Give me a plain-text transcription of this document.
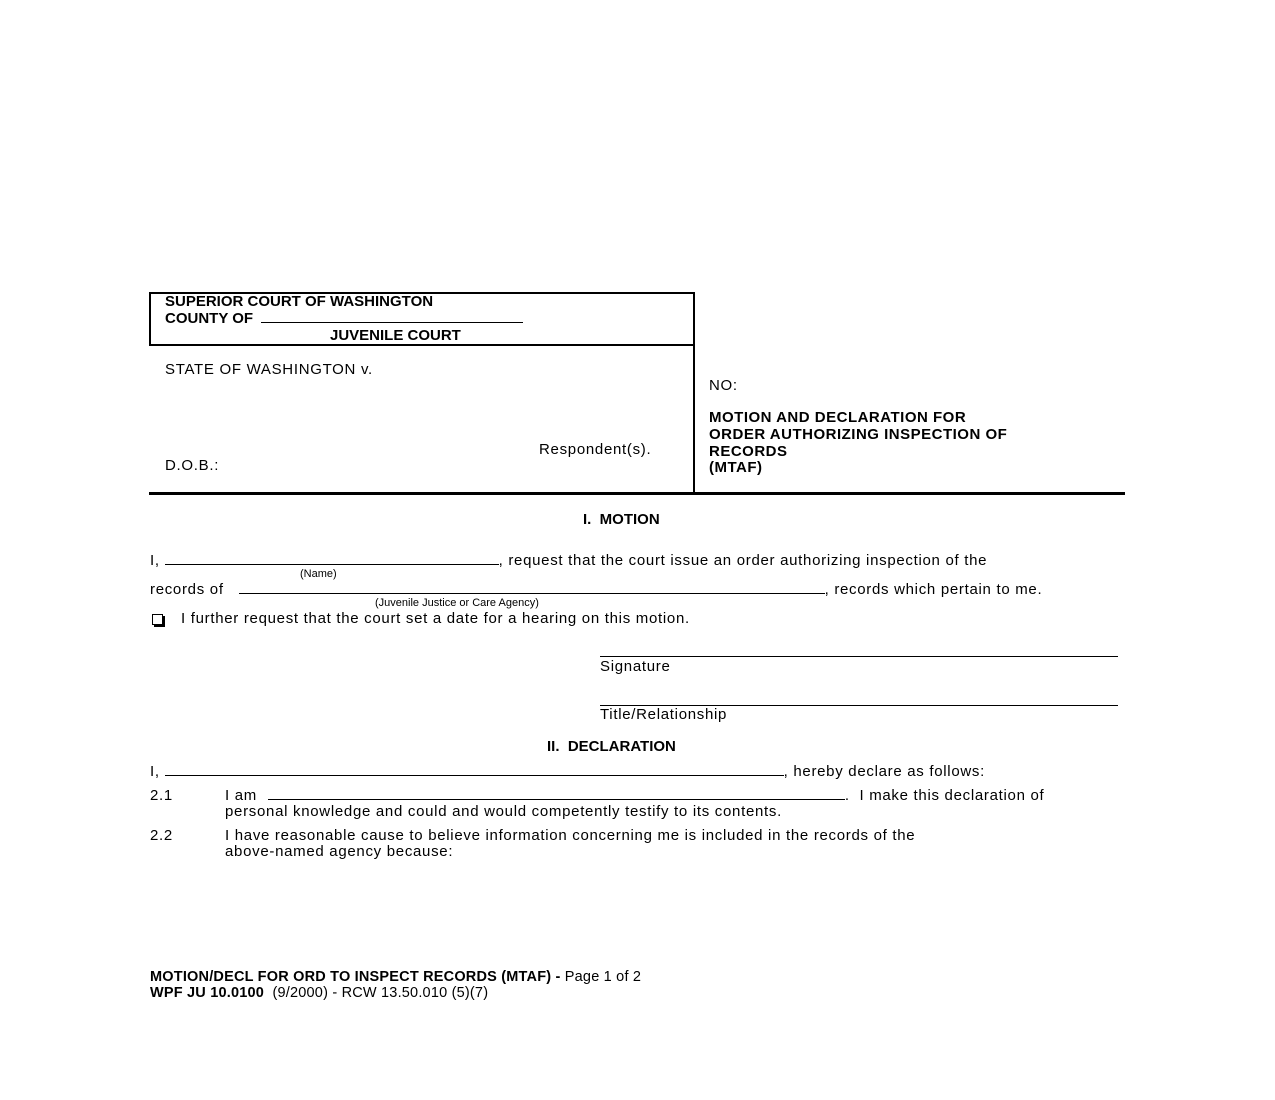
SUPERIOR COURT OF WASHINGTON
COUNTY OF
JUVENILE COURT
STATE OF WASHINGTON v.
Respondent(s).
D.O.B.:
NO:
MOTION AND DECLARATION FOR
ORDER AUTHORIZING INSPECTION OF
RECORDS
(MTAF)
I.  MOTION
I,	, request that the court issue an order authorizing inspection of the
(Name)
records of	, records which pertain to me.
(Juvenile Justice or Care Agency)
I further request that the court set a date for a hearing on this motion.
Signature
Title/Relationship
II.  DECLARATION
I,	, hereby declare as follows:
2.1	I am	.  I make this declaration of
personal knowledge and could and would competently testify to its contents.
2.2	I have reasonable cause to believe information concerning me is included in the records of the
above-named agency because:
MOTION/DECL FOR ORD TO INSPECT RECORDS (MTAF) - Page 1 of 2
WPF JU 10.0100  (9/2000) - RCW 13.50.010 (5)(7)
